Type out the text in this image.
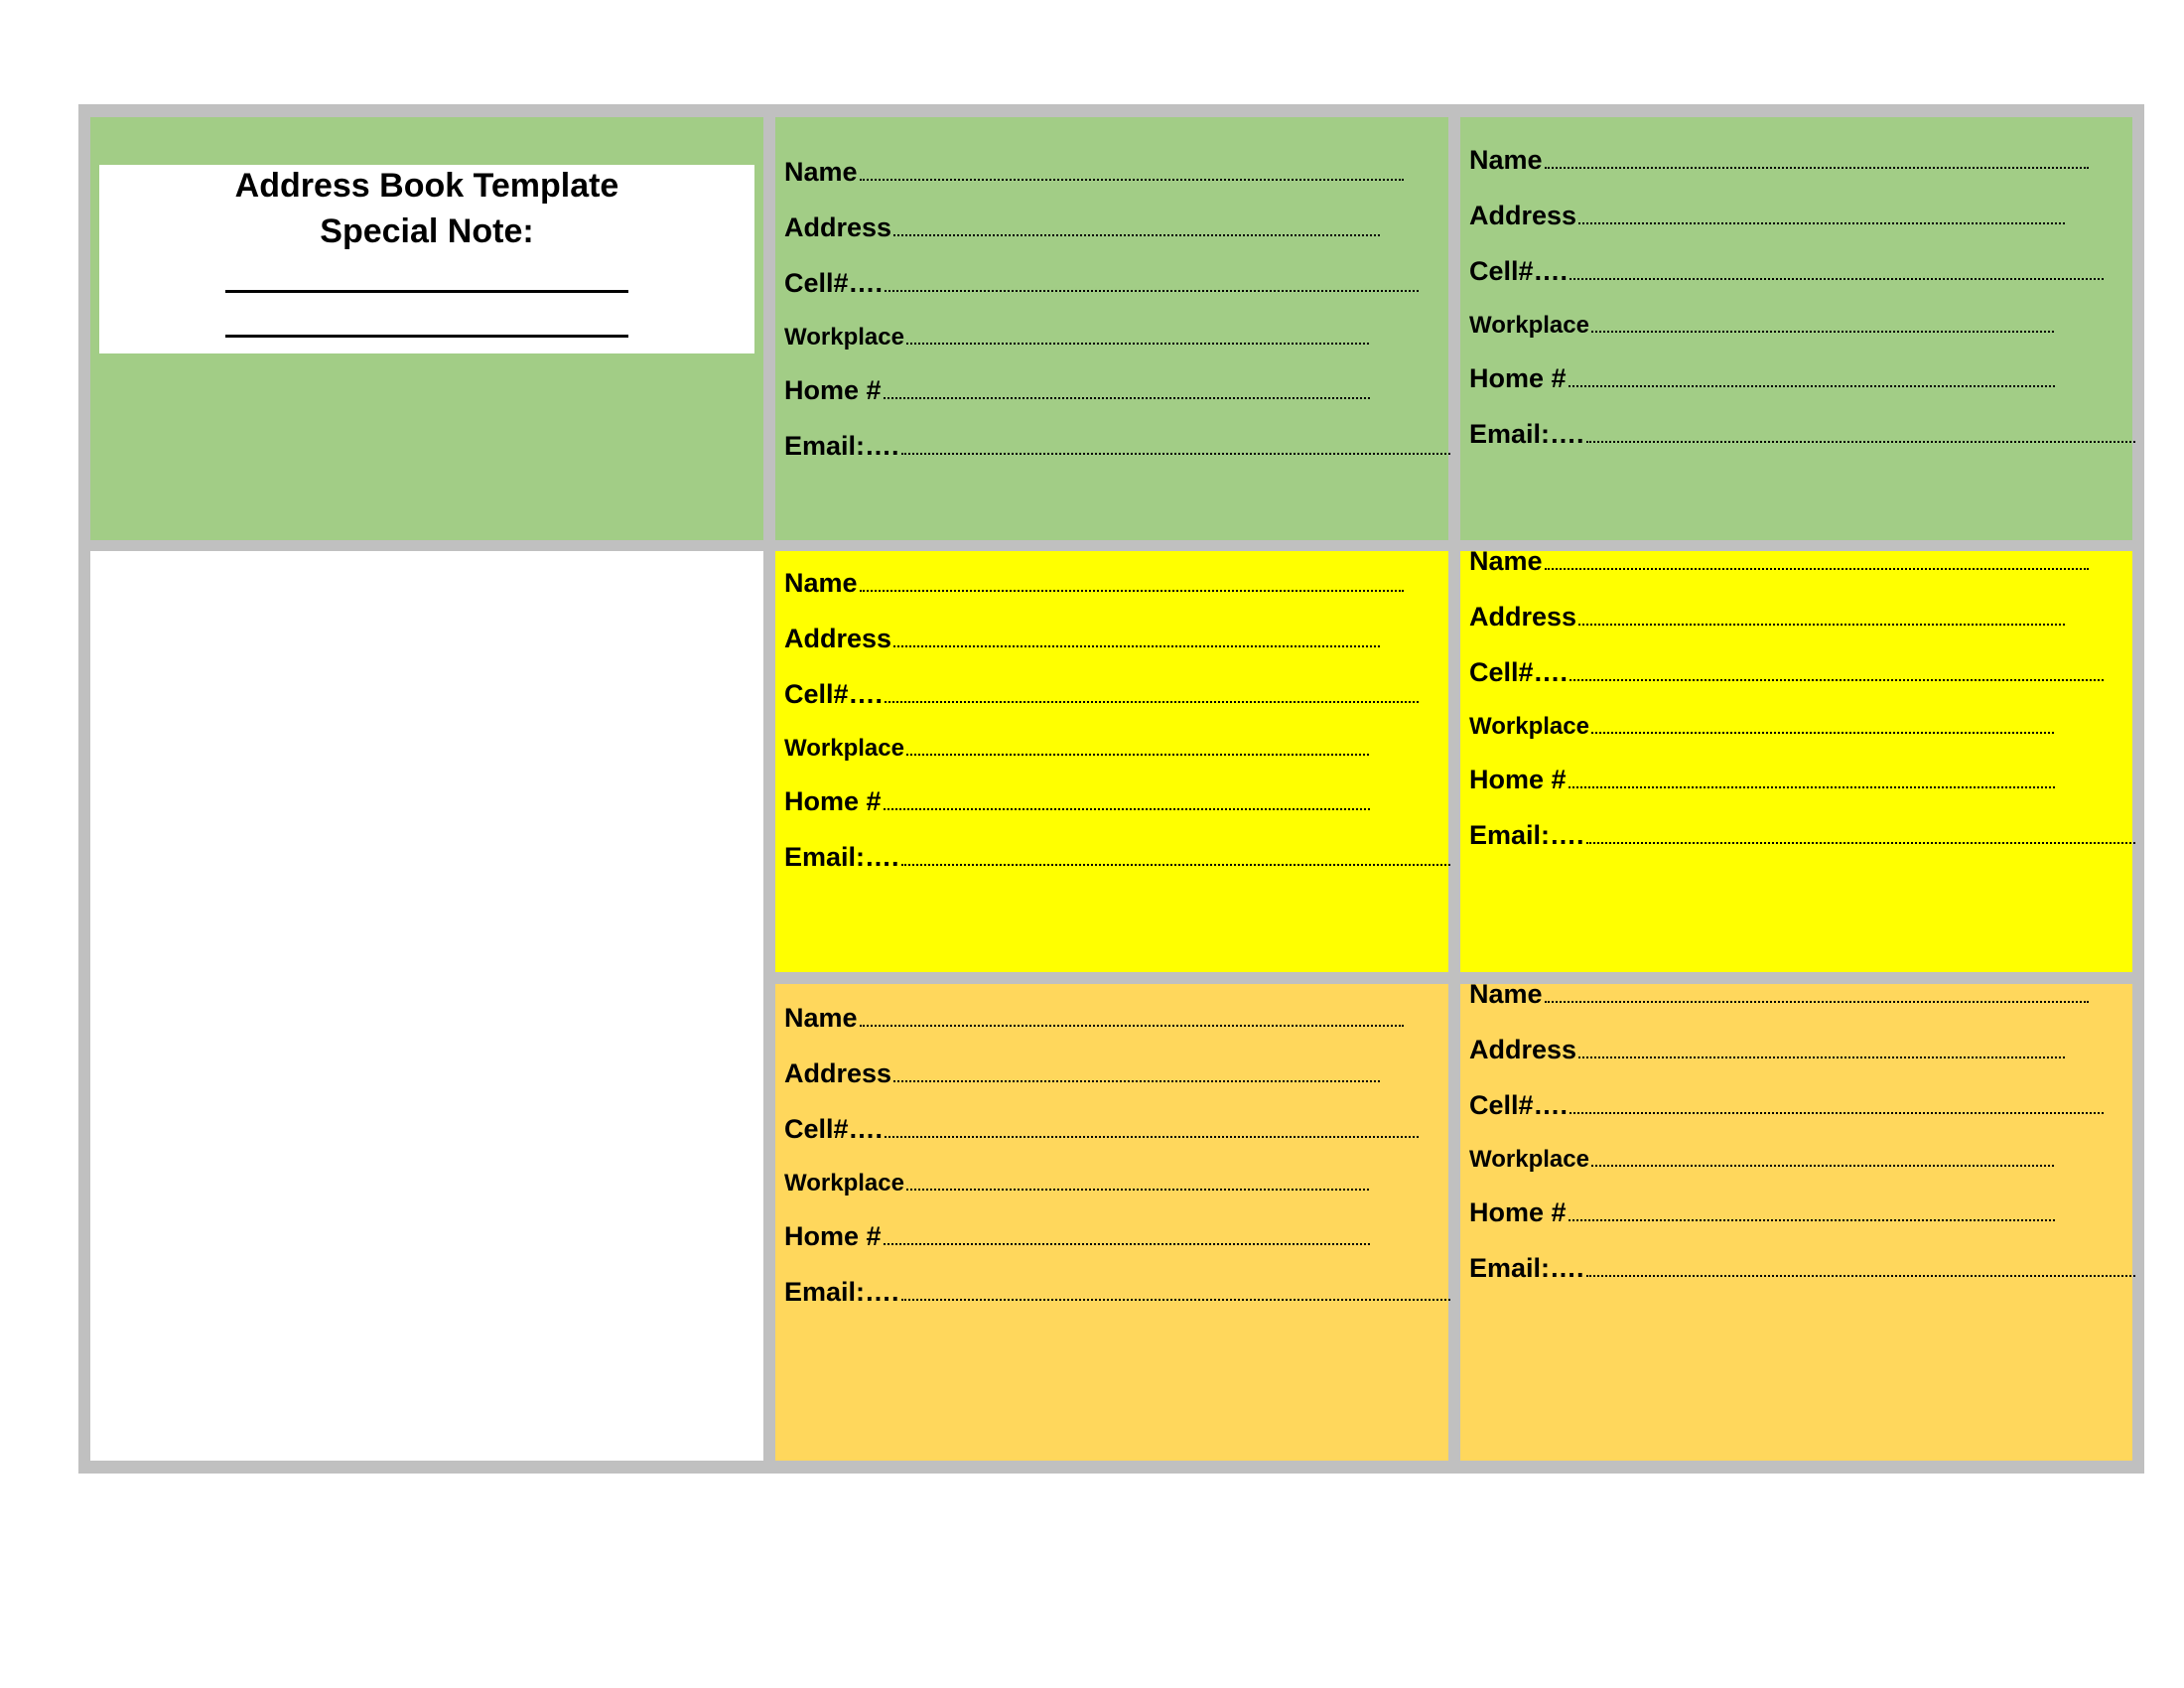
Address Book Template
Special Note:
Name
Address
Cell#….
Workplace
Home #
Email:….
Name
Address
Cell#….
Workplace
Home #
Email:….
Name
Address
Cell#….
Workplace
Home #
Email:….
Name
Address
Cell#….
Workplace
Home #
Email:….
Name
Address
Cell#….
Workplace
Home #
Email:….
Name
Address
Cell#….
Workplace
Home #
Email:….
